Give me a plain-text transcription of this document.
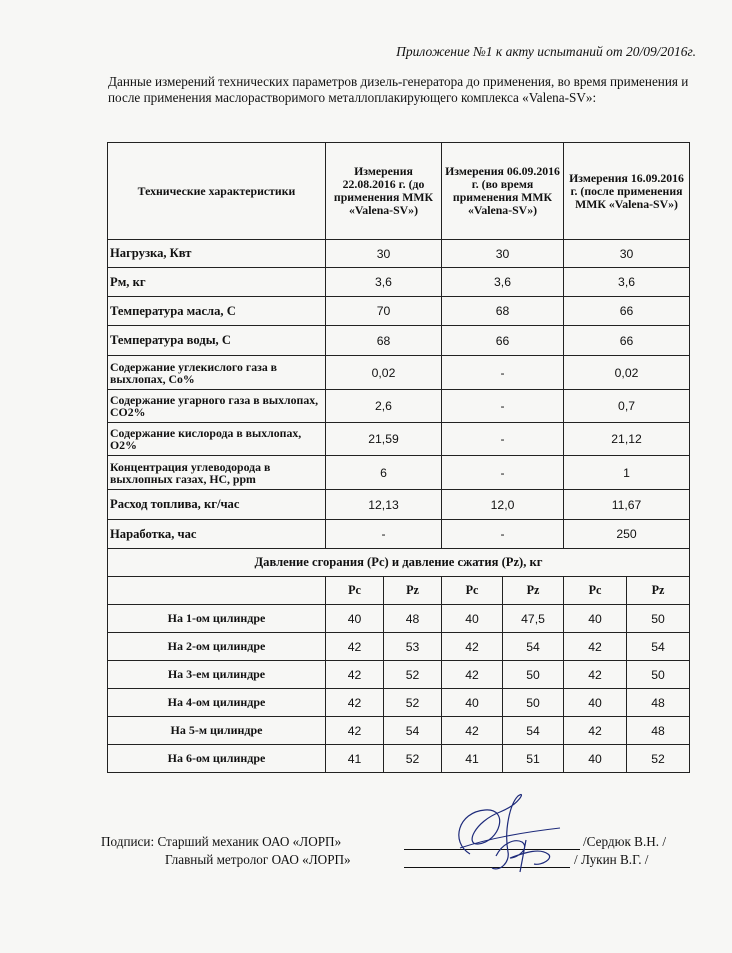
Приложение №1 к акту испытаний от 20/09/2016г.
Данные измерений технических параметров дизель-генератора до применения, во время применения и после применения маслорастворимого металлоплакирующего комплекса «Valena-SV»:
Технические характеристики	Измерения 22.08.2016 г. (до применения ММК «Valena-SV»)		Измерения 06.09.2016 г. (во время применения ММК «Valena-SV»)		Измерения 16.09.2016 г. (после применения ММК «Valena-SV»)	
Нагрузка, Квт	30		30		30	
Рм, кг	3,6		3,6		3,6	
Температура масла, С	70		68		66	
Температура воды, С	68		66		66	
Содержание углекислого газа в выхлопах, Со%	0,02		-		0,02	
Содержание угарного газа в выхлопах, CO2%	2,6		-		0,7	
Содержание кислорода в выхлопах, О2%	21,59		-		21,12	
Концентрация углеводорода в выхлопных газах, НС, ppm	6		-		1	
Расход топлива, кг/час	12,13		12,0		11,67	
Наработка, час	-		-		250	
Давление сгорания (Рс) и давление сжатия (Pz), кг						
	Pc	Pz	Pc	Pz	Pc	Pz
На 1-ом цилиндре	40	48	40	47,5	40	50
На 2-ом цилиндре	42	53	42	54	42	54
На 3-ем цилиндре	42	52	42	50	42	50
На 4-ом цилиндре	42	52	40	50	40	48
На 5-м цилиндре	42	54	42	54	42	48
На 6-ом цилиндре	41	52	41	51	40	52
Подписи: Старший механик ОАО «ЛОРП»	/Сердюк В.Н. /
Главный метролог ОАО «ЛОРП»	/ Лукин В.Г. /
